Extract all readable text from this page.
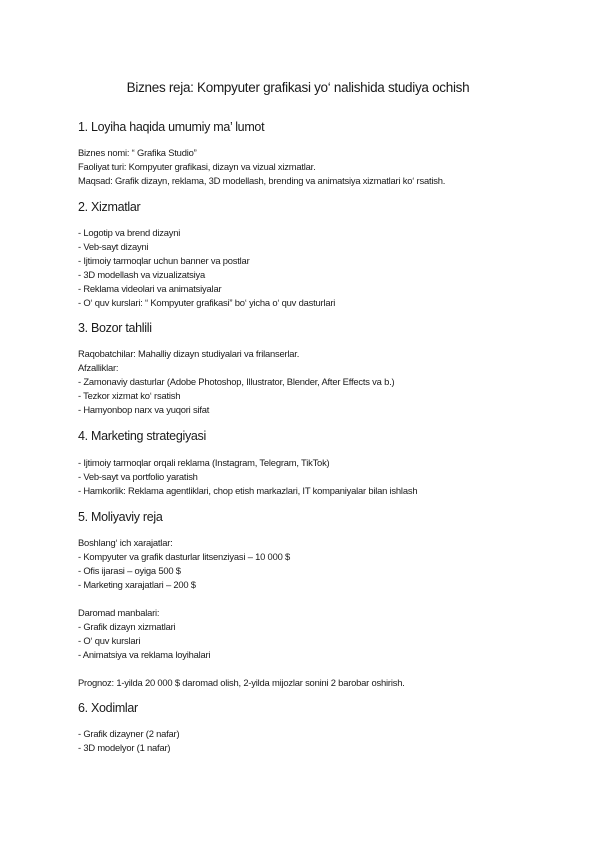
Biznes reja: Kompyuter grafikasi yo‘ nalishida studiya ochish
1. Loyiha haqida umumiy ma’ lumot
Biznes nomi: “ Grafika Studio”
Faoliyat turi: Kompyuter grafikasi, dizayn va vizual xizmatlar.
Maqsad: Grafik dizayn, reklama, 3D modellash, brending va animatsiya xizmatlari ko‘ rsatish.
2. Xizmatlar
- Logotip va brend dizayni
- Veb-sayt dizayni
- Ijtimoiy tarmoqlar uchun banner va postlar
- 3D modellash va vizualizatsiya
- Reklama videolari va animatsiyalar
- O‘ quv kurslari: “ Kompyuter grafikasi” bo‘ yicha o‘ quv dasturlari
3. Bozor tahlili
Raqobatchilar: Mahalliy dizayn studiyalari va frilanserlar.
Afzalliklar:
- Zamonaviy dasturlar (Adobe Photoshop, Illustrator, Blender, After Effects va b.)
- Tezkor xizmat ko‘ rsatish
- Hamyonbop narx va yuqori sifat
4. Marketing strategiyasi
- Ijtimoiy tarmoqlar orqali reklama (Instagram, Telegram, TikTok)
- Veb-sayt va portfolio yaratish
- Hamkorlik: Reklama agentliklari, chop etish markazlari, IT kompaniyalar bilan ishlash
5. Moliyaviy reja
Boshlang‘ ich xarajatlar:
- Kompyuter va grafik dasturlar litsenziyasi – 10 000 $
- Ofis ijarasi – oyiga 500 $
- Marketing xarajatlari – 200 $
Daromad manbalari:
- Grafik dizayn xizmatlari
- O‘ quv kurslari
- Animatsiya va reklama loyihalari
Prognoz: 1-yilda 20 000 $ daromad olish, 2-yilda mijozlar sonini 2 barobar oshirish.
6. Xodimlar
- Grafik dizayner (2 nafar)
- 3D modelyor (1 nafar)
